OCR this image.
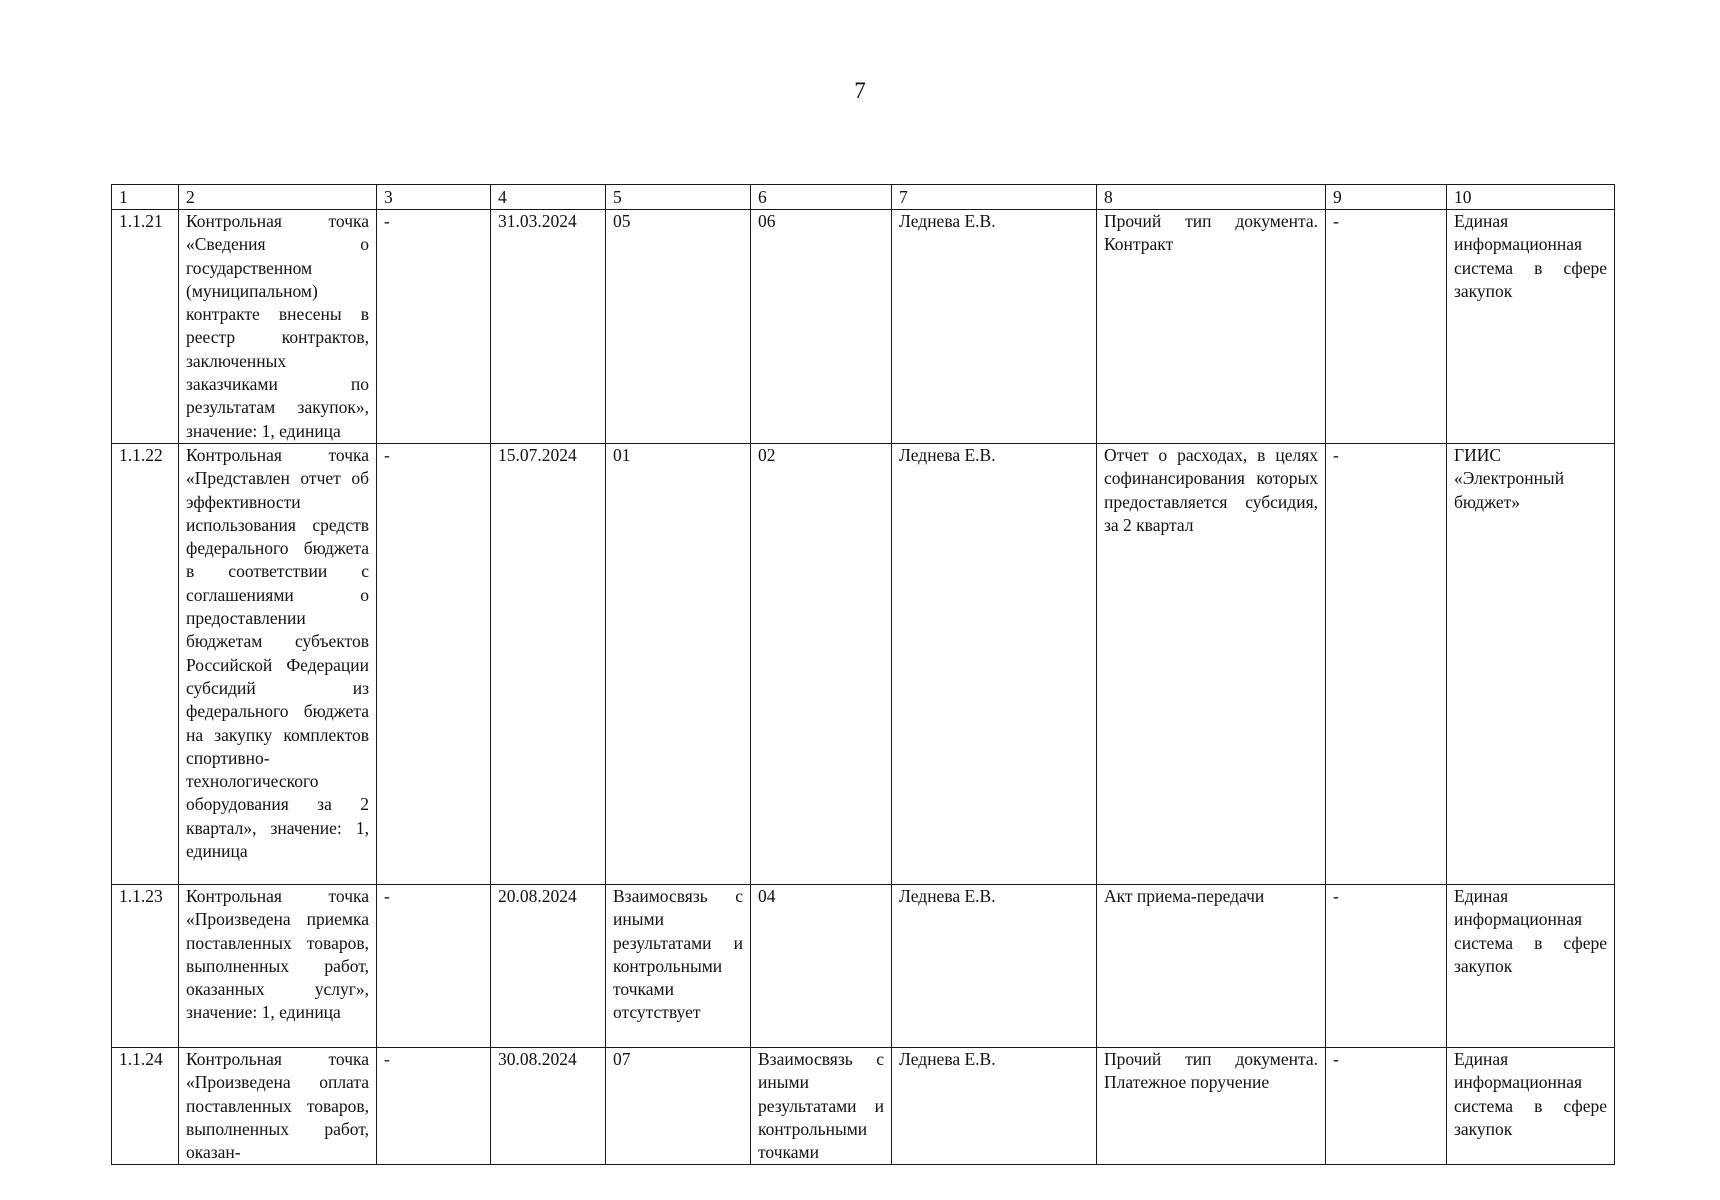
7
1	2	3	4	5	6	7	8	9	10
1.1.21	Контрольная точка «Сведения о государственном (муниципальном) контракте внесены в реестр контрактов, заключенных заказчиками по результатам закупок», значение: 1, единица	-	31.03.2024	05	06	Леднева Е.В.	Прочий тип документа. Контракт	-	Единая информационная система в сфере закупок
1.1.22	Контрольная точка «Представлен отчет об эффективности использования средств федерального бюджета в соответствии с соглашениями о предоставлении бюджетам субъектов Российской Федерации субсидий из федерального бюджета на закупку комплектов спортивно-технологического оборудования за 2 квартал», значение: 1, единица	-	15.07.2024	01	02	Леднева Е.В.	Отчет о расходах, в целях софинансирования которых предоставляется субсидия, за 2 квартал	-	ГИИС «Электронный бюджет»
1.1.23	Контрольная точка «Произведена приемка поставленных товаров, выполненных работ, оказанных услуг», значение: 1, единица	-	20.08.2024	Взаимосвязь с иными результатами и контрольными точками отсутствует	04	Леднева Е.В.	Акт приема-передачи	-	Единая информационная система в сфере закупок
1.1.24	Контрольная точка «Произведена оплата поставленных товаров, выполненных работ, оказан-	-	30.08.2024	07	Взаимосвязь с иными результатами и контрольными точками	Леднева Е.В.	Прочий тип документа. Платежное поручение	-	Единая информационная система в сфере закупок
